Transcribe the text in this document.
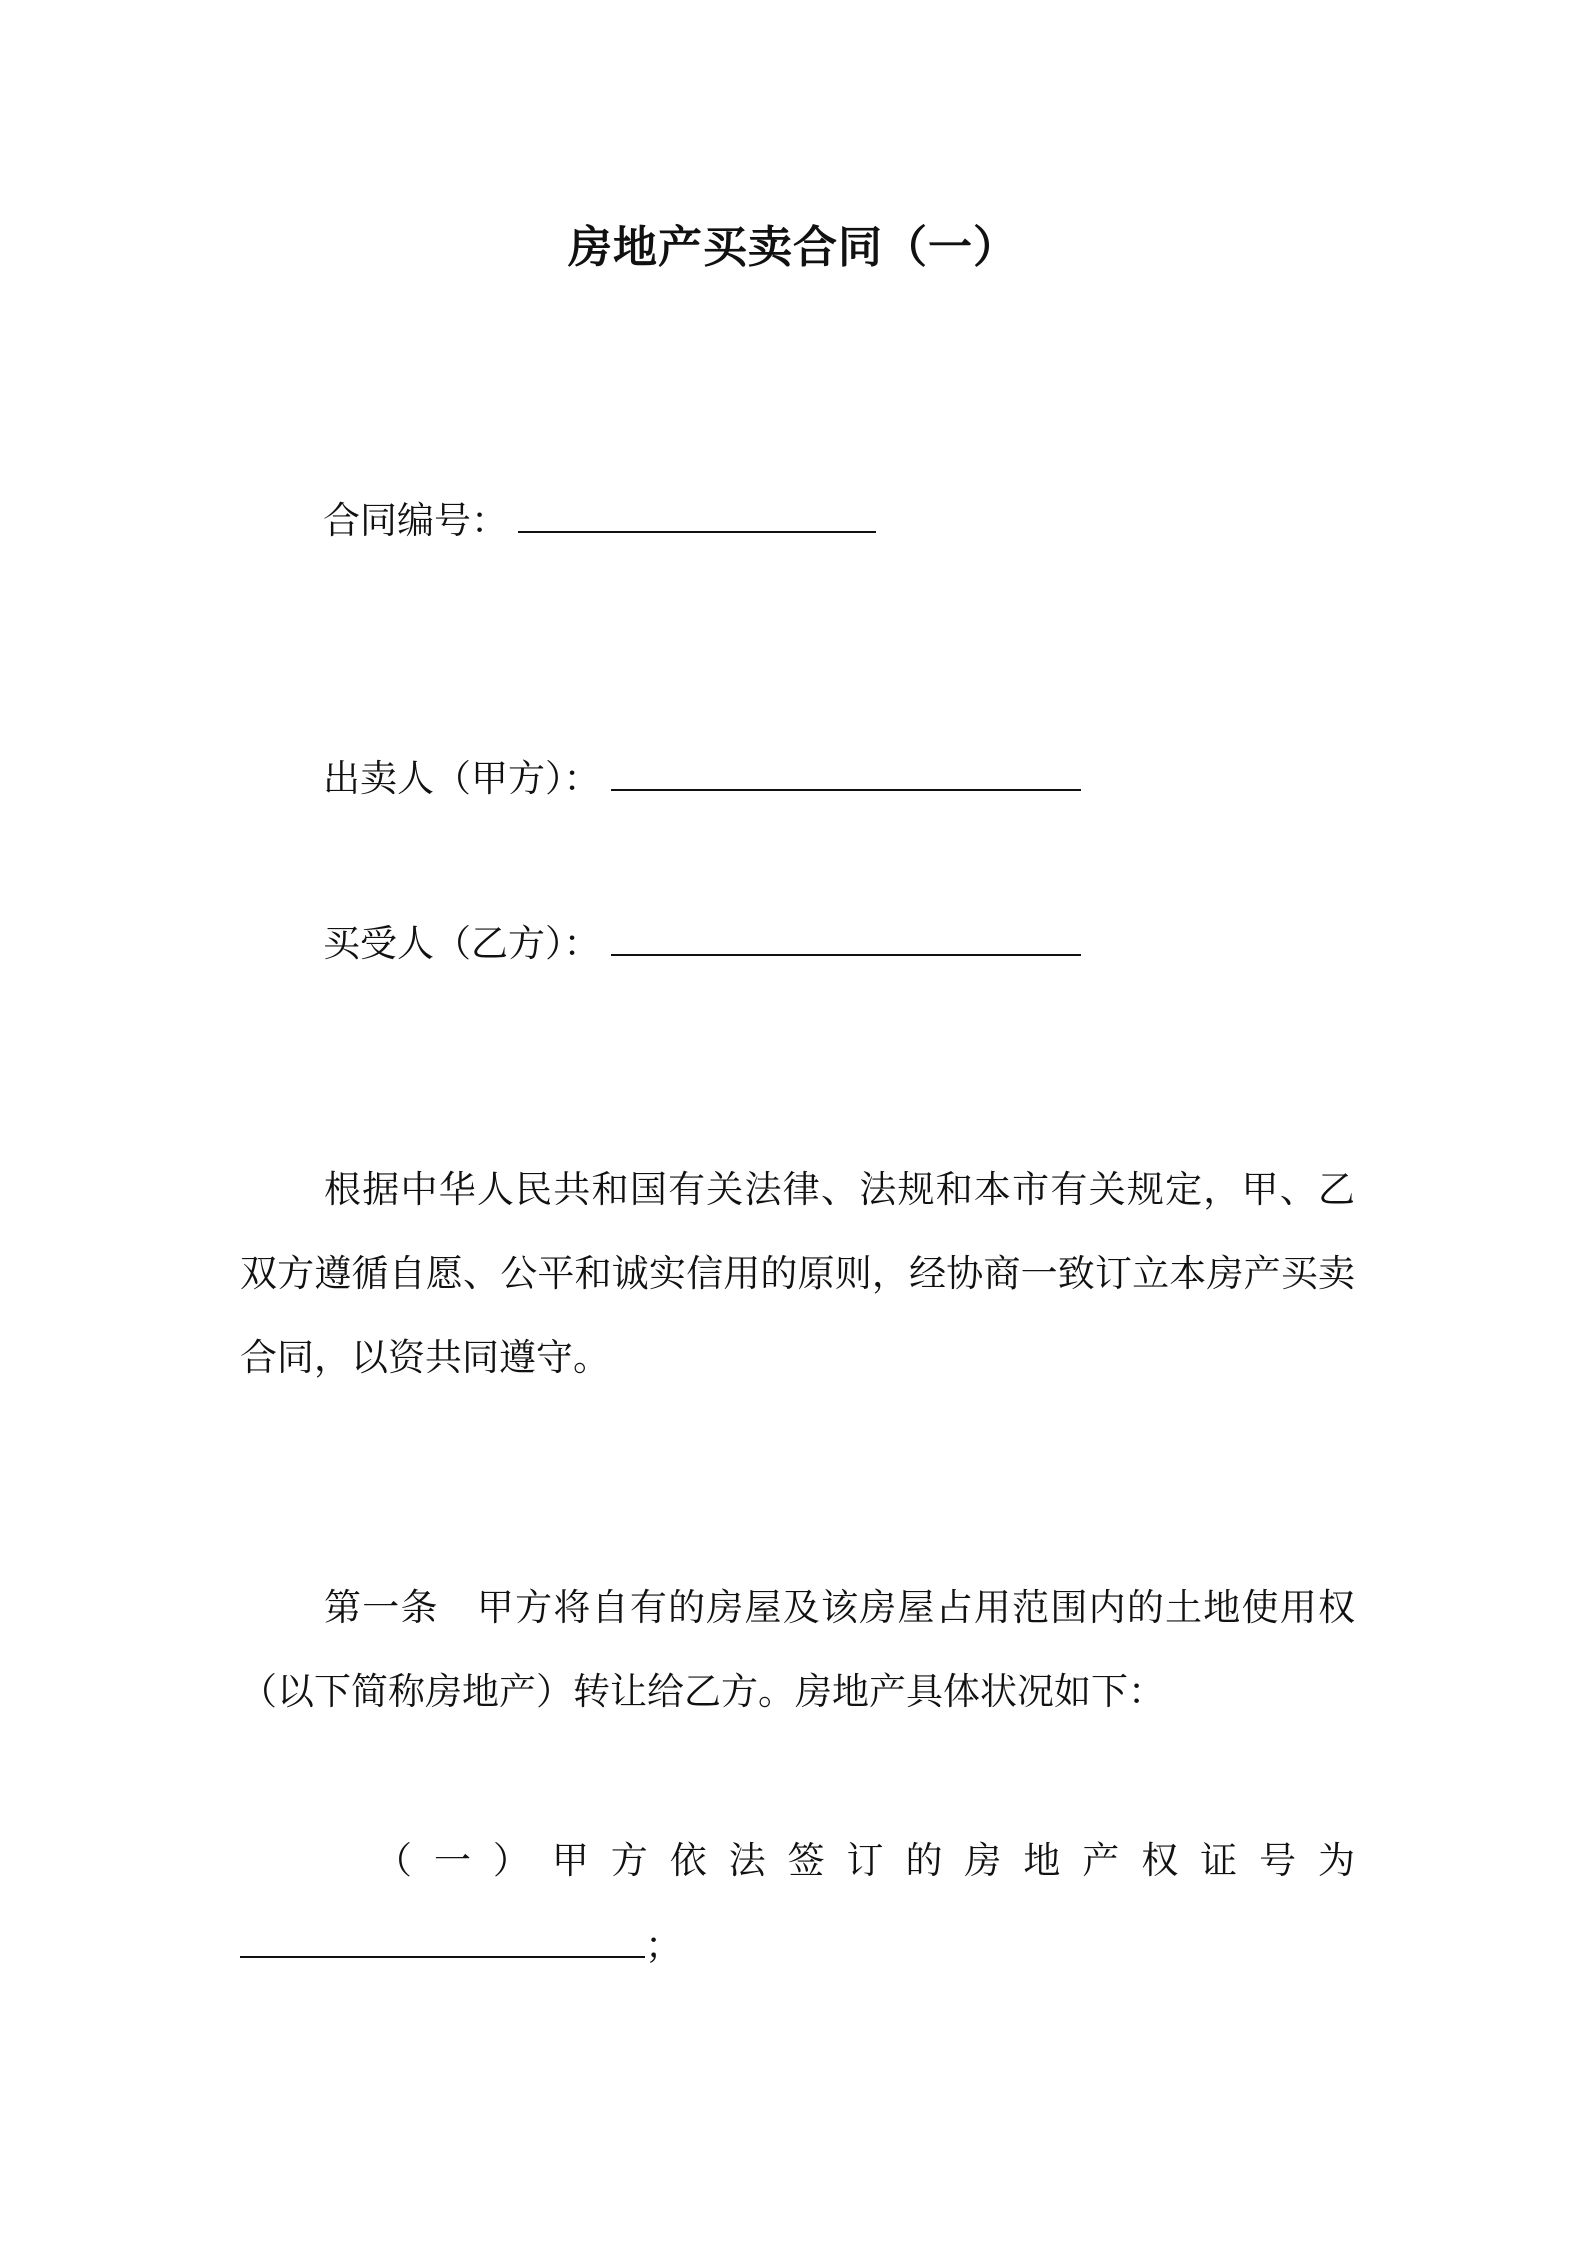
房地产买卖合同（一）
合同编号：
出卖人（甲方）：
买受人（乙方）：
根据中华人民共和国有关法律、法规和本市有关规定，甲、乙双方遵循自愿、公平和诚实信用的原则，经协商一致订立本房产买卖合同，以资共同遵守。
第一条　甲方将自有的房屋及该房屋占用范围内的土地使用权（以下简称房地产）转让给乙方。房地产具体状况如下：
（ 一 ） 甲 方 依 法 签 订 的 房 地 产 权 证 号 为
；
